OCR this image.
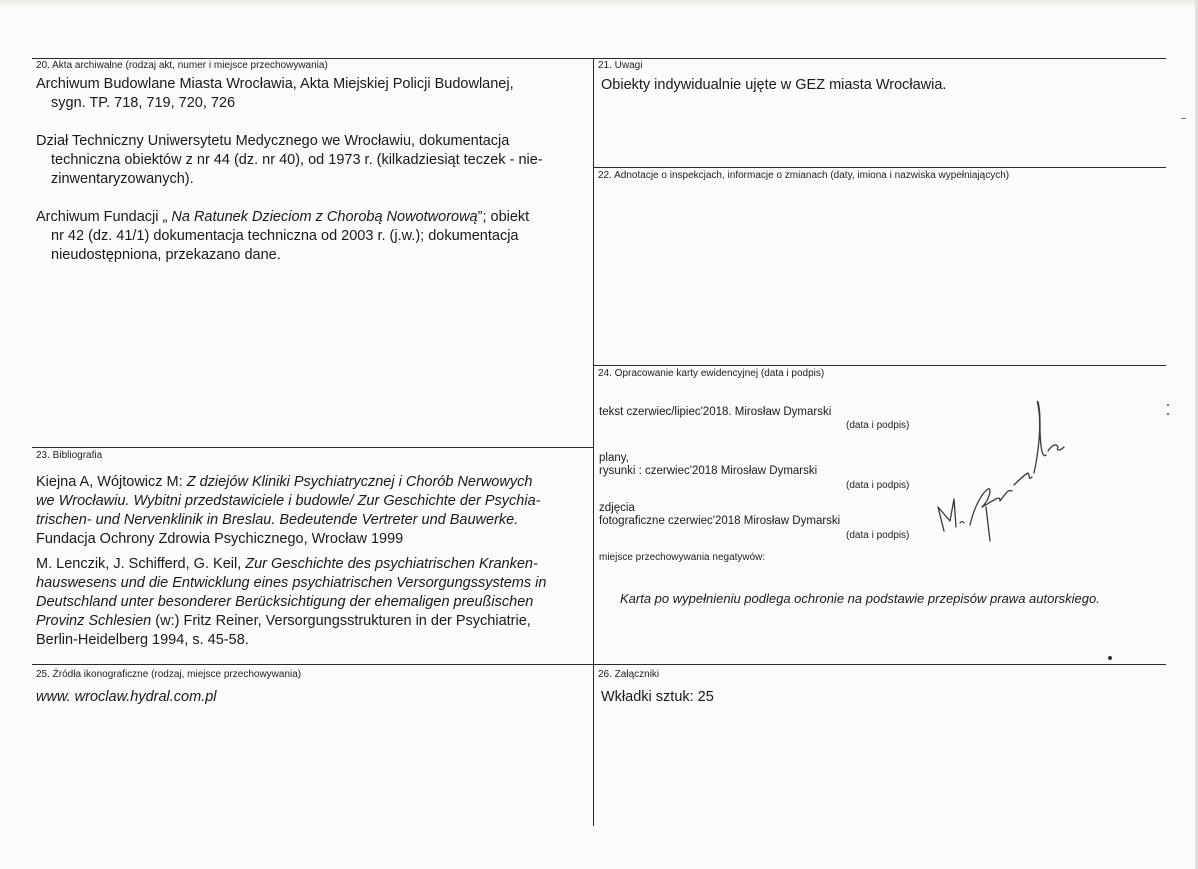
20. Akta archiwalne (rodzaj akt, numer i miejsce przechowywania)
Archiwum Budowlane Miasta Wrocławia, Akta Miejskiej Policji Budowlanej,
sygn. TP. 718, 719, 720, 726
Dział Techniczny Uniwersytetu Medycznego we Wrocławiu, dokumentacja
techniczna obiektów z nr 44 (dz. nr 40), od 1973 r. (kilkadziesiąt teczek - nie-
zinwentaryzowanych).
Archiwum Fundacji „ Na Ratunek Dzieciom z Chorobą Nowotworową”; obiekt
nr 42 (dz. 41/1) dokumentacja techniczna od 2003 r. (j.w.); dokumentacja
nieudostępniona, przekazano dane.
21. Uwagi
Obiekty indywidualnie ujęte w GEZ miasta Wrocławia.
22. Adnotacje o inspekcjach, informacje o zmianach (daty, imiona i nazwiska wypełniających)
23. Bibliografia
Kiejna A, Wójtowicz M: Z dziejów Kliniki Psychiatrycznej i Chorób Nerwowych
we Wrocławiu. Wybitni przedstawiciele i budowle/ Zur Geschichte der Psychia-
trischen- und Nervenklinik in Breslau. Bedeutende Vertreter und Bauwerke.
Fundacja Ochrony Zdrowia Psychicznego, Wrocław 1999
M. Lenczik, J. Schifferd, G. Keil, Zur Geschichte des psychiatrischen Kranken-
hauswesens und die Entwicklung eines psychiatrischen Versorgungssystems in
Deutschland unter besonderer Berücksichtigung der ehemaligen preußischen
Provinz Schlesien (w:) Fritz Reiner, Versorgungsstrukturen in der Psychiatrie,
Berlin-Heidelberg 1994, s. 45-58.
24. Opracowanie karty ewidencyjnej (data i podpis)
tekst czerwiec/lipiec'2018. Mirosław Dymarski
(data i podpis)
plany,
rysunki : czerwiec'2018 Mirosław Dymarski
(data i podpis)
zdjęcia
fotograficzne czerwiec'2018 Mirosław Dymarski
(data i podpis)
miejsce przechowywania negatywów:
Karta po wypełnieniu podlega ochronie na podstawie przepisów prawa autorskiego.
25. Źródła ikonograficzne (rodzaj, miejsce przechowywania)
www. wroclaw.hydral.com.pl
26. Załączniki
Wkładki sztuk: 25
